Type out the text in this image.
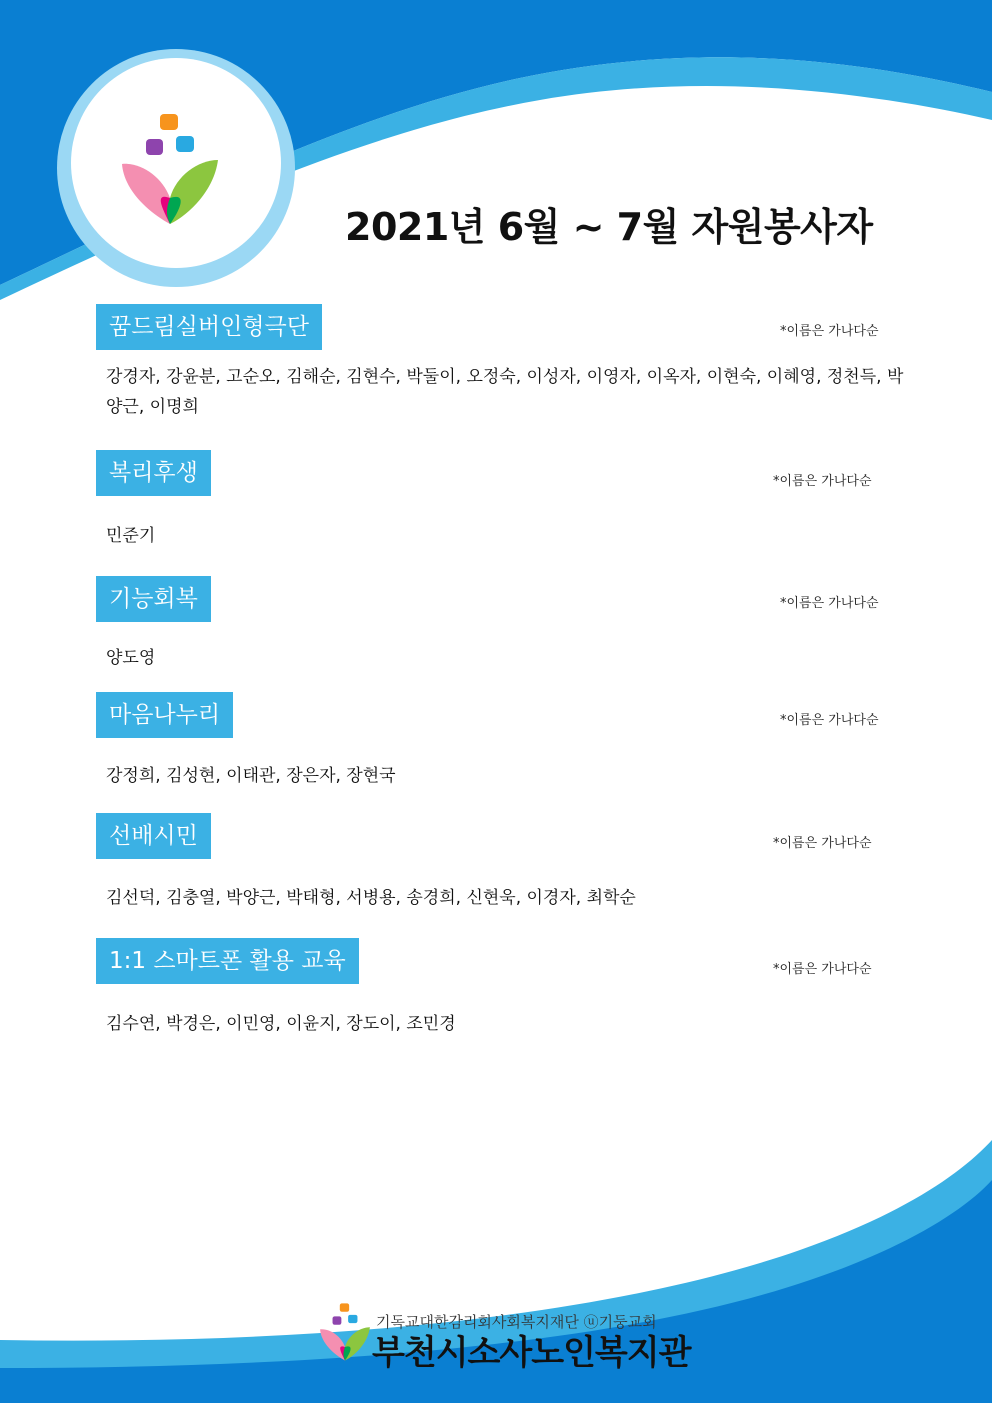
2021년 6월 ~ 7월 자원봉사자
꿈드림실버인형극단	*이름은 가나다순
강경자, 강윤분, 고순오, 김해순, 김현수, 박둘이, 오정숙, 이성자, 이영자, 이옥자, 이현숙, 이혜영, 정천득, 박양근, 이명희
복리후생	*이름은 가나다순
민준기
기능회복	*이름은 가나다순
양도영
마음나누리	*이름은 가나다순
강정희, 김성현, 이태관, 장은자, 장현국
선배시민	*이름은 가나다순
김선덕, 김충열, 박양근, 박태형, 서병용, 송경희, 신현욱, 이경자, 최학순
1:1 스마트폰 활용 교육	*이름은 가나다순
김수연, 박경은, 이민영, 이윤지, 장도이, 조민경
기독교대한감리회사회복지재단 ⓤ기둥교회
부천시소사노인복지관
